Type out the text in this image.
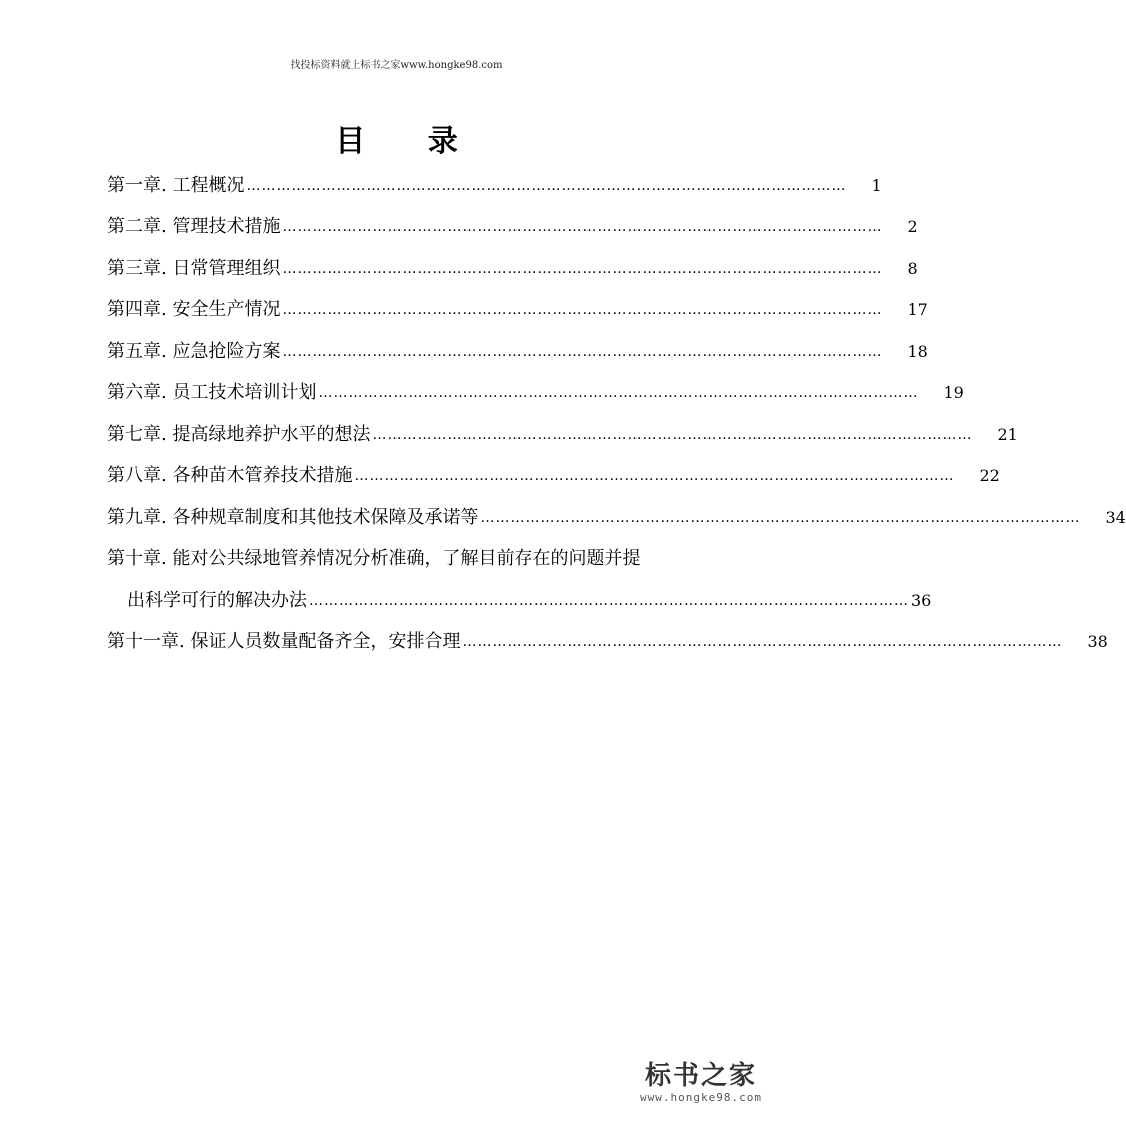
找投标资料就上标书之家www.hongke98.com
目 录
第一章. 工程概况 ………………………………………………………………………………………………………… 1
第二章. 管理技术措施 ………………………………………………………………………………………………………… 2
第三章. 日常管理组织 ………………………………………………………………………………………………………… 8
第四章. 安全生产情况 ………………………………………………………………………………………………………… 17
第五章. 应急抢险方案 ………………………………………………………………………………………………………… 18
第六章. 员工技术培训计划 ………………………………………………………………………………………………………… 19
第七章. 提高绿地养护水平的想法 ………………………………………………………………………………………………………… 21
第八章. 各种苗木管养技术措施 ………………………………………………………………………………………………………… 22
第九章. 各种规章制度和其他技术保障及承诺等 ………………………………………………………………………………………………………… 34
第十章. 能对公共绿地管养情况分析准确，了解目前存在的问题并提
出科学可行的解决办法 ………………………………………………………………………………………………………… 36
第十一章. 保证人员数量配备齐全，安排合理 ………………………………………………………………………………………………………… 38
标书之家
www.hongke98.com
